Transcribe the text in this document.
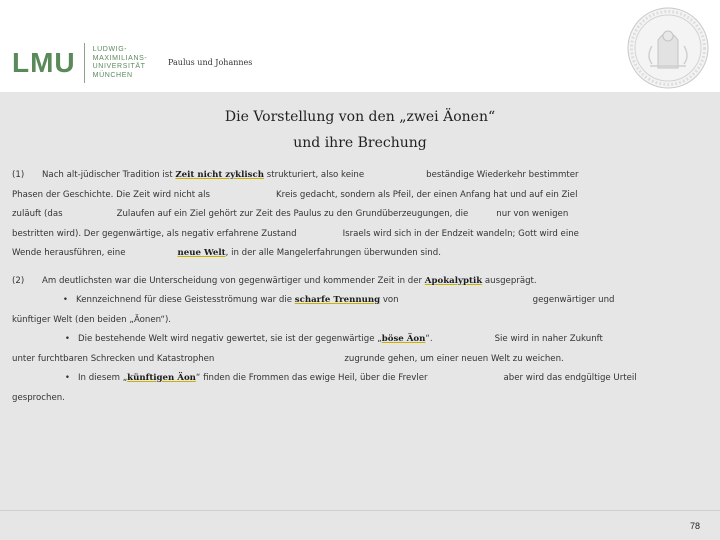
LMU LUDWIG-
MAXIMILIANS-
UNIVERSITÄT
MÜNCHEN
Paulus und Johannes
Die Vorstellung von den „zwei Äonen“
und ihre Brechung
(1) Nach alt-jüdischer Tradition ist Zeit nicht zyklisch strukturiert, also keine	beständige Wiederkehr bestimmter
Phasen der Geschichte. Die Zeit wird nicht als	Kreis gedacht, sondern als Pfeil, der einen Anfang hat und auf ein Ziel
zuläuft (das	Zulaufen auf ein Ziel gehört zur Zeit des Paulus zu den Grundüberzeugungen, die	nur von wenigen
bestritten wird). Der gegenwärtige, als negativ erfahrene Zustand	Israels wird sich in der Endzeit wandeln; Gott wird eine
Wende herausführen, eine	neue Welt, in der alle Mangelerfahrungen überwunden sind.
(2) Am deutlichsten war die Unterscheidung von gegenwärtiger und kommender Zeit in der Apokalyptik ausgeprägt.
• Kennzeichnend für diese Geistesströmung war die scharfe Trennung von	gegenwärtiger und
künftiger Welt (den beiden „Äonen“).
• Die bestehende Welt wird negativ gewertet, sie ist der gegenwärtige „böse Äon“.	Sie wird in naher Zukunft
unter furchtbaren Schrecken und Katastrophen	zugrunde gehen, um einer neuen Welt zu weichen.
• In diesem „künftigen Äon“ finden die Frommen das ewige Heil, über die Frevler	aber wird das endgültige Urteil
gesprochen.
78
